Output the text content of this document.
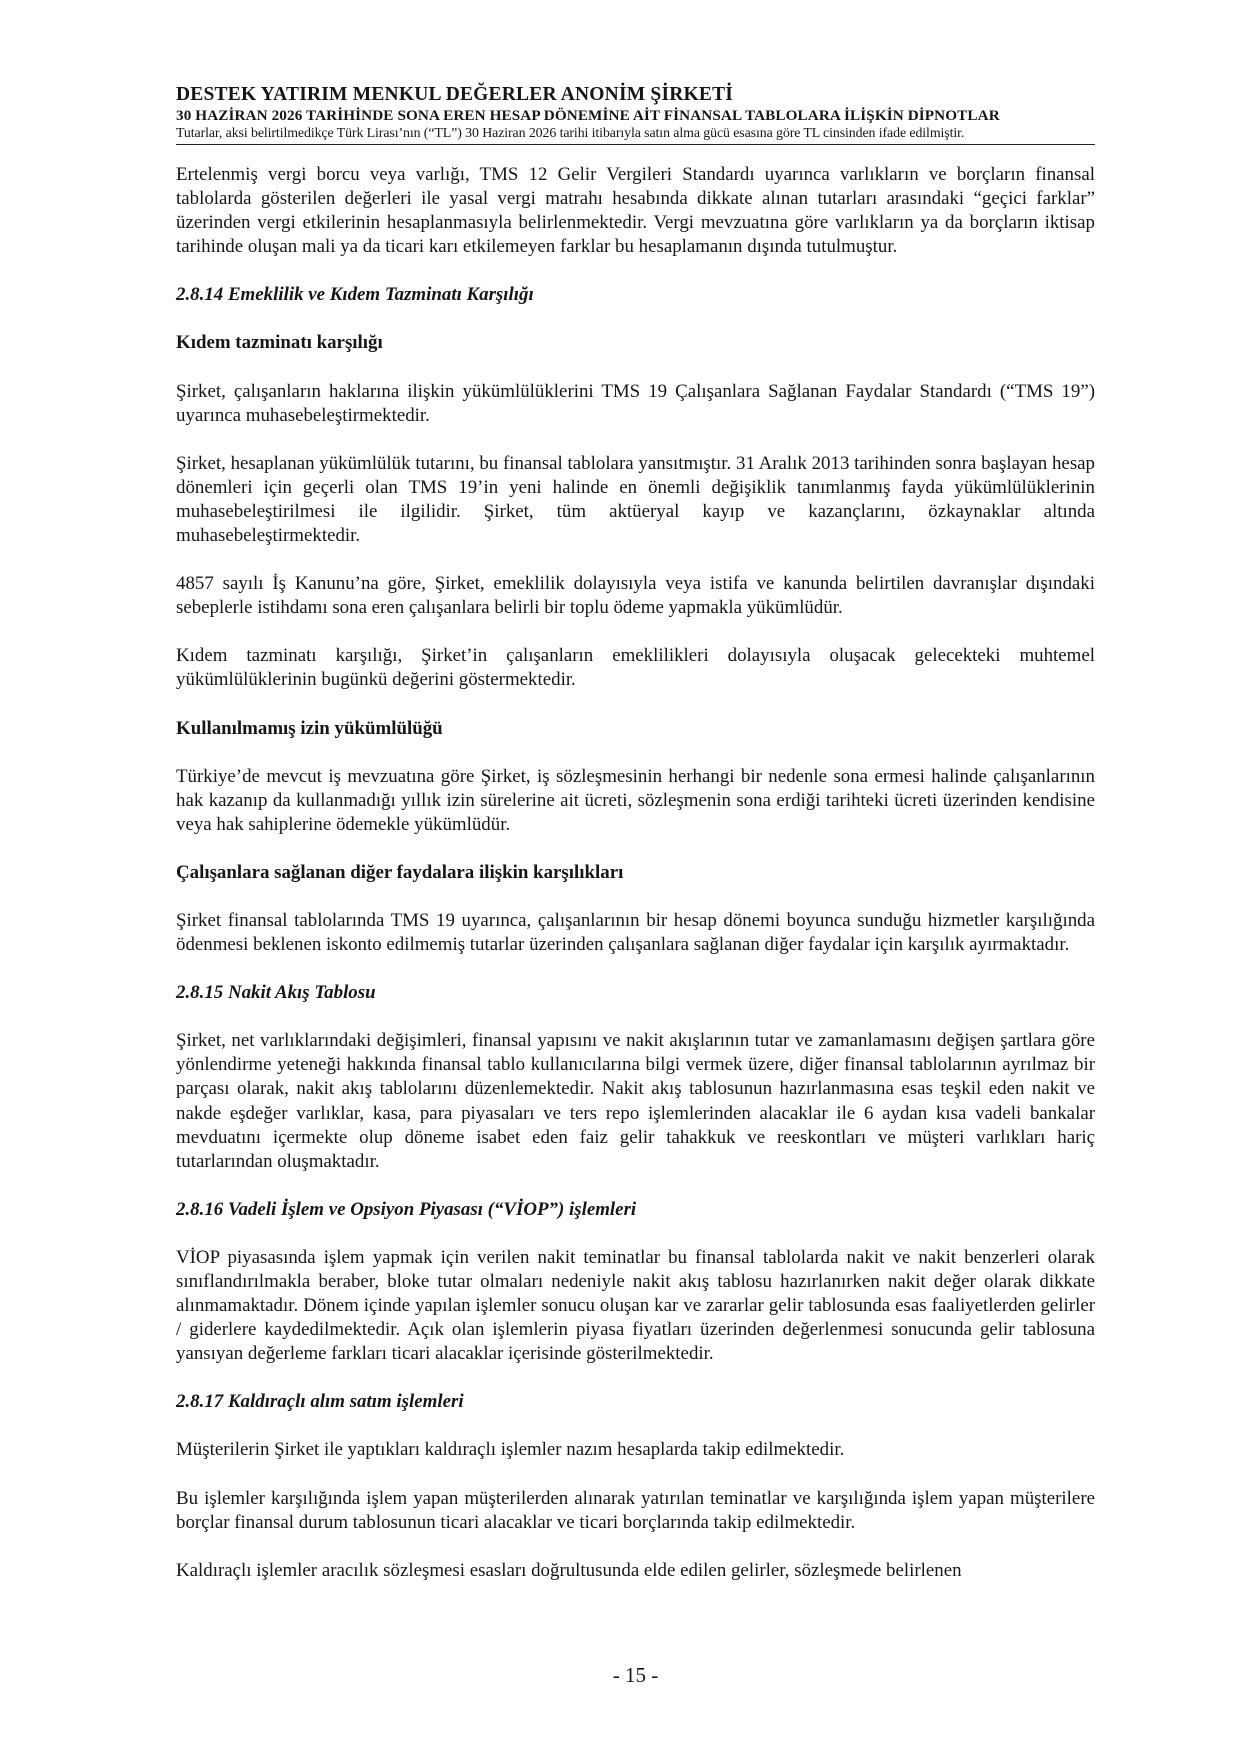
DESTEK YATIRIM MENKUL DEĞERLER ANONİM ŞİRKETİ
30 HAZİRAN 2026 TARİHİNDE SONA EREN HESAP DÖNEMİNE AİT FİNANSAL TABLOLARA İLİŞKİN DİPNOTLAR
Tutarlar, aksi belirtilmedikçe Türk Lirası’nın (“TL”) 30 Haziran 2026 tarihi itibarıyla satın alma gücü esasına göre TL cinsinden ifade edilmiştir.

Ertelenmiş vergi borcu veya varlığı, TMS 12 Gelir Vergileri Standardı uyarınca varlıkların ve borçların finansal tablolarda gösterilen değerleri ile yasal vergi matrahı hesabında dikkate alınan tutarları arasındaki “geçici farklar” üzerinden vergi etkilerinin hesaplanmasıyla belirlenmektedir. Vergi mevzuatına göre varlıkların ya da borçların iktisap tarihinde oluşan mali ya da ticari karı etkilemeyen farklar bu hesaplamanın dışında tutulmuştur.

2.8.14 Emeklilik ve Kıdem Tazminatı Karşılığı

Kıdem tazminatı karşılığı

Şirket, çalışanların haklarına ilişkin yükümlülüklerini TMS 19 Çalışanlara Sağlanan Faydalar Standardı (“TMS 19”) uyarınca muhasebeleştirmektedir.

Şirket, hesaplanan yükümlülük tutarını, bu finansal tablolara yansıtmıştır. 31 Aralık 2013 tarihinden sonra başlayan hesap dönemleri için geçerli olan TMS 19’in yeni halinde en önemli değişiklik tanımlanmış fayda yükümlülüklerinin muhasebeleştirilmesi ile ilgilidir. Şirket, tüm aktüeryal kayıp ve kazançlarını, özkaynaklar altında muhasebeleştirmektedir.

4857 sayılı İş Kanunu’na göre, Şirket, emeklilik dolayısıyla veya istifa ve kanunda belirtilen davranışlar dışındaki sebeplerle istihdamı sona eren çalışanlara belirli bir toplu ödeme yapmakla yükümlüdür.

Kıdem tazminatı karşılığı, Şirket’in çalışanların emeklilikleri dolayısıyla oluşacak gelecekteki muhtemel yükümlülüklerinin bugünkü değerini göstermektedir.

Kullanılmamış izin yükümlülüğü

Türkiye’de mevcut iş mevzuatına göre Şirket, iş sözleşmesinin herhangi bir nedenle sona ermesi halinde çalışanlarının hak kazanıp da kullanmadığı yıllık izin sürelerine ait ücreti, sözleşmenin sona erdiği tarihteki ücreti üzerinden kendisine veya hak sahiplerine ödemekle yükümlüdür.

Çalışanlara sağlanan diğer faydalara ilişkin karşılıkları

Şirket finansal tablolarında TMS 19 uyarınca, çalışanlarının bir hesap dönemi boyunca sunduğu hizmetler karşılığında ödenmesi beklenen iskonto edilmemiş tutarlar üzerinden çalışanlara sağlanan diğer faydalar için karşılık ayırmaktadır.

2.8.15 Nakit Akış Tablosu

Şirket, net varlıklarındaki değişimleri, finansal yapısını ve nakit akışlarının tutar ve zamanlamasını değişen şartlara göre yönlendirme yeteneği hakkında finansal tablo kullanıcılarına bilgi vermek üzere, diğer finansal tablolarının ayrılmaz bir parçası olarak, nakit akış tablolarını düzenlemektedir. Nakit akış tablosunun hazırlanmasına esas teşkil eden nakit ve nakde eşdeğer varlıklar, kasa, para piyasaları ve ters repo işlemlerinden alacaklar ile 6 aydan kısa vadeli bankalar mevduatını içermekte olup döneme isabet eden faiz gelir tahakkuk ve reeskontları ve müşteri varlıkları hariç tutarlarından oluşmaktadır.

2.8.16 Vadeli İşlem ve Opsiyon Piyasası (“VİOP”) işlemleri

VİOP piyasasında işlem yapmak için verilen nakit teminatlar bu finansal tablolarda nakit ve nakit benzerleri olarak sınıflandırılmakla beraber, bloke tutar olmaları nedeniyle nakit akış tablosu hazırlanırken nakit değer olarak dikkate alınmamaktadır. Dönem içinde yapılan işlemler sonucu oluşan kar ve zararlar gelir tablosunda esas faaliyetlerden gelirler / giderlere kaydedilmektedir. Açık olan işlemlerin piyasa fiyatları üzerinden değerlenmesi sonucunda gelir tablosuna yansıyan değerleme farkları ticari alacaklar içerisinde gösterilmektedir.

2.8.17 Kaldıraçlı alım satım işlemleri

Müşterilerin Şirket ile yaptıkları kaldıraçlı işlemler nazım hesaplarda takip edilmektedir.

Bu işlemler karşılığında işlem yapan müşterilerden alınarak yatırılan teminatlar ve karşılığında işlem yapan müşterilere borçlar finansal durum tablosunun ticari alacaklar ve ticari borçlarında takip edilmektedir.

Kaldıraçlı işlemler aracılık sözleşmesi esasları doğrultusunda elde edilen gelirler, sözleşmede belirlenen

- 15 -
